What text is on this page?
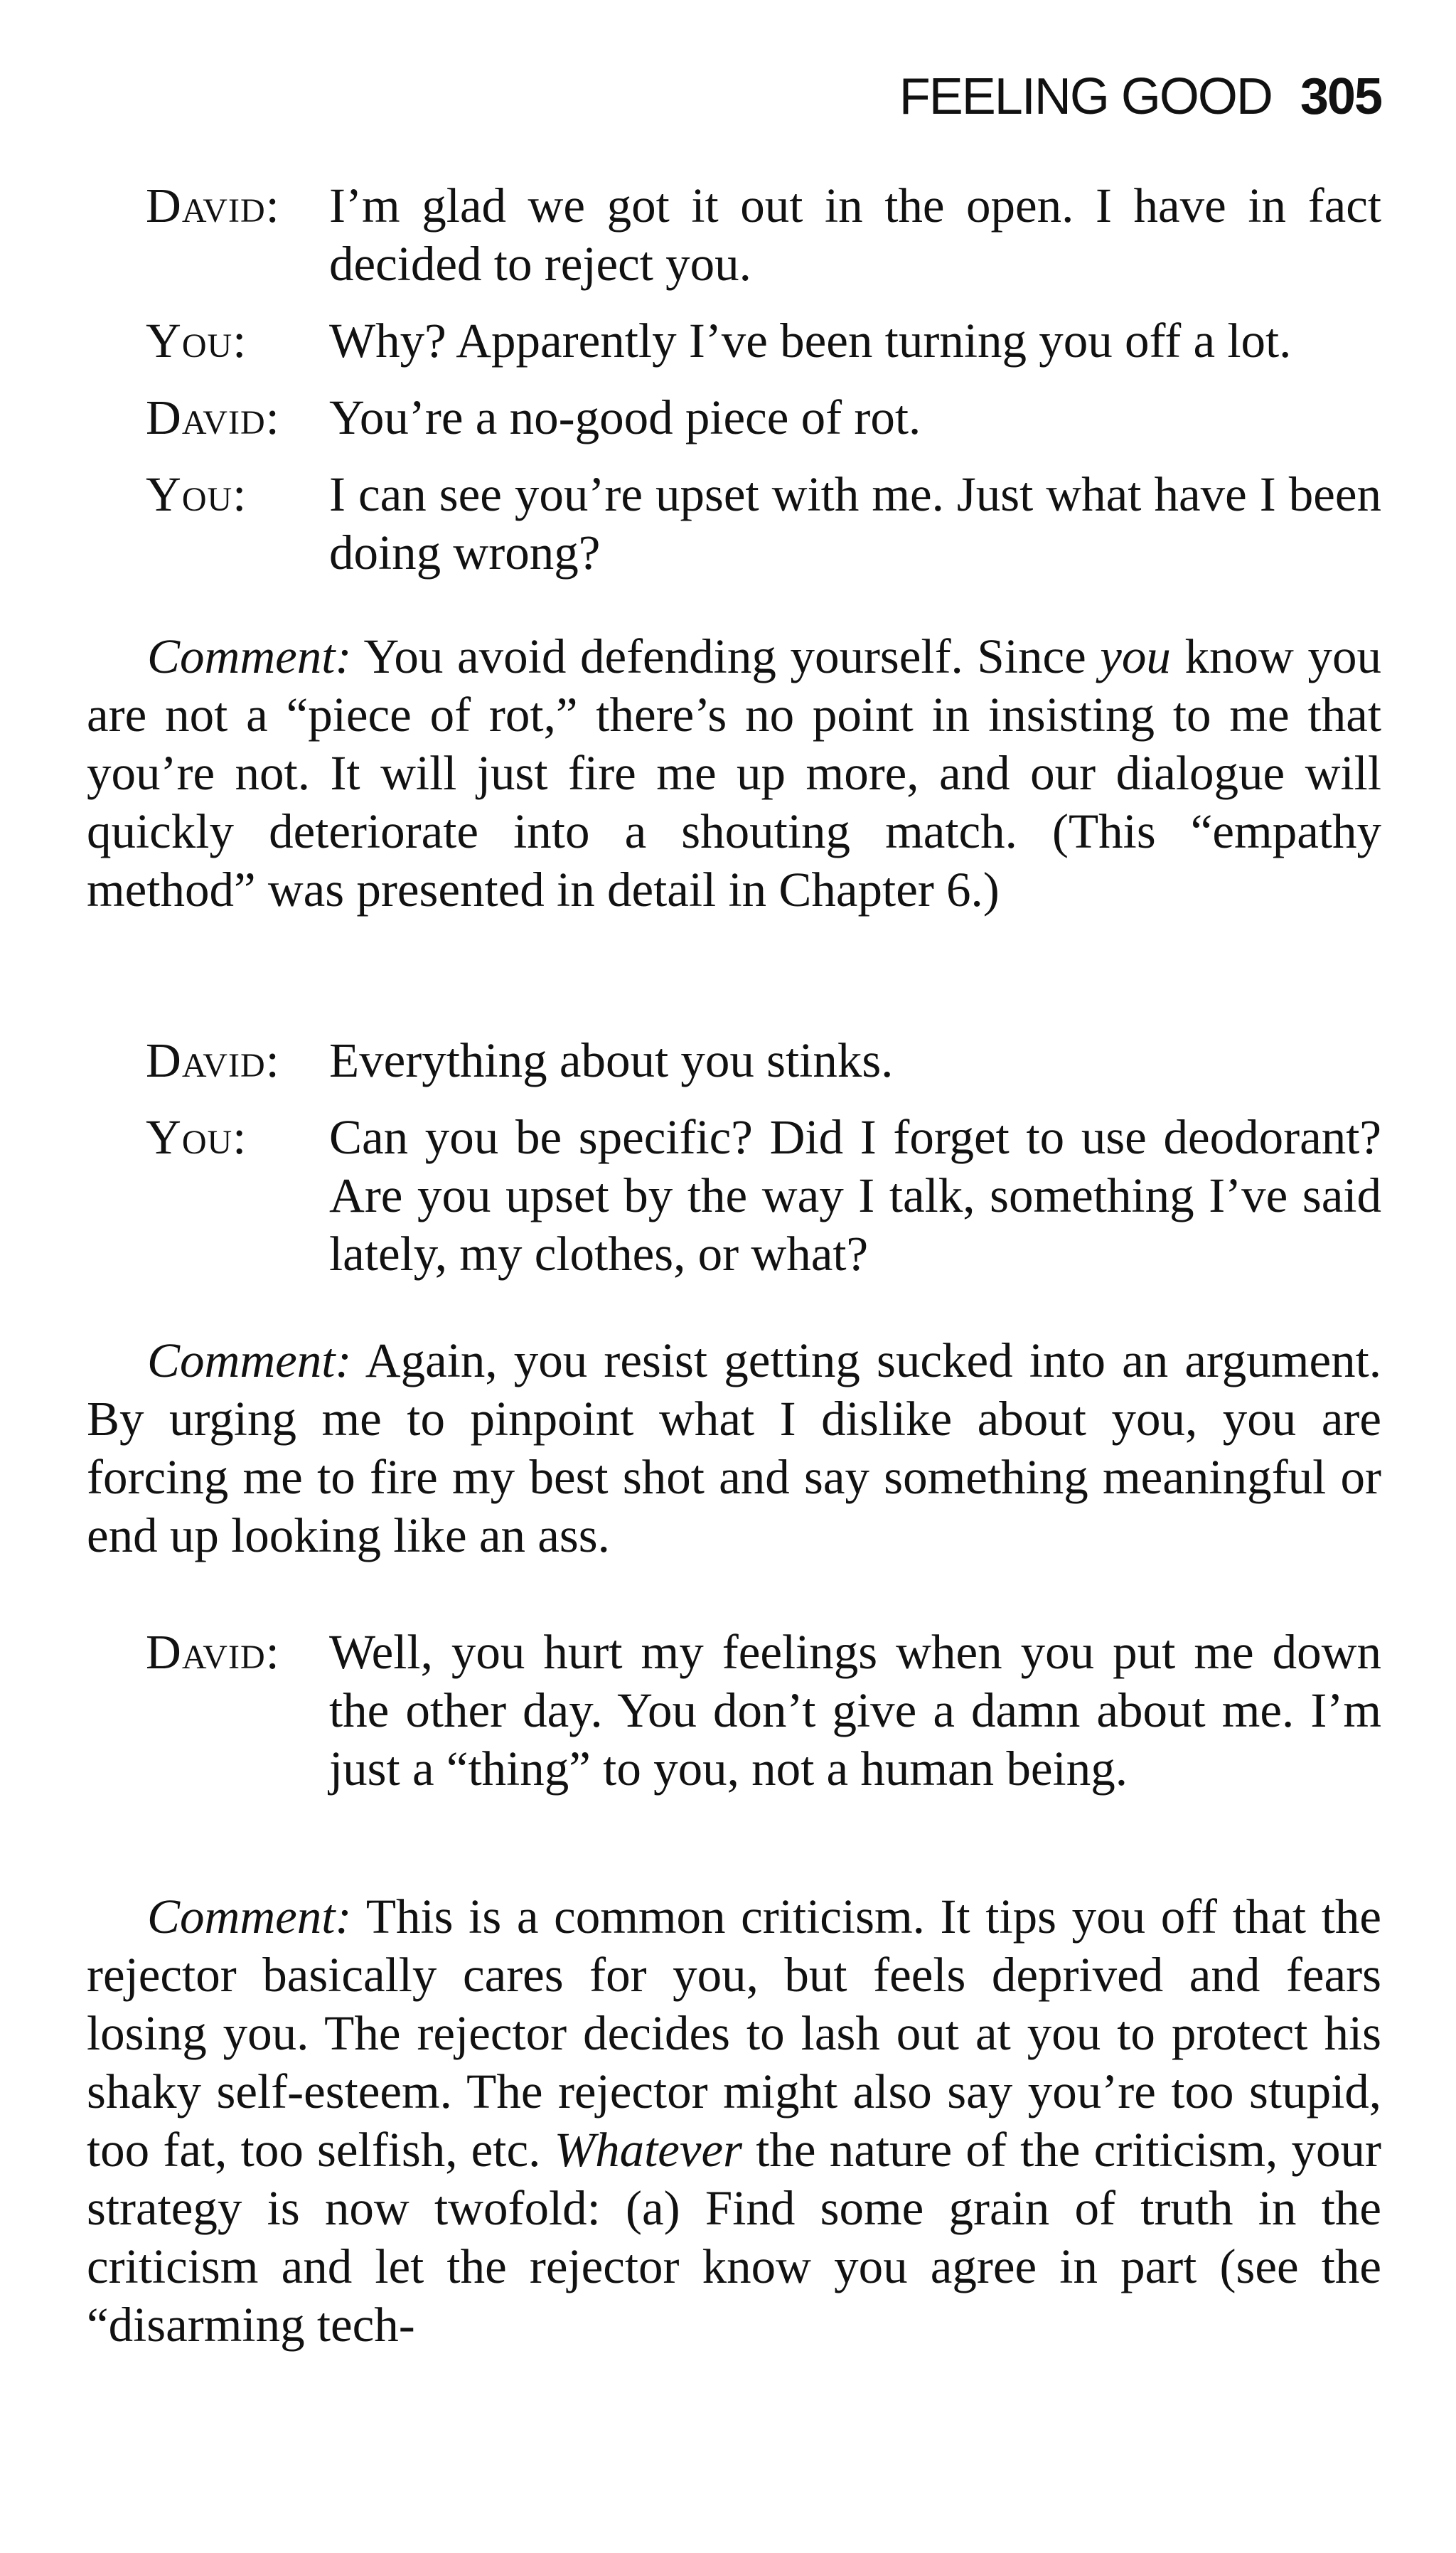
FEELING GOOD 305
David: I’m glad we got it out in the open. I have in fact decided to reject you.
You: Why? Apparently I’ve been turning you off a lot.
David: You’re a no-good piece of rot.
You: I can see you’re upset with me. Just what have I been doing wrong?

Comment: You avoid defending yourself. Since you know you are not a “piece of rot,” there’s no point in insisting to me that you’re not. It will just fire me up more, and our dialogue will quickly deteriorate into a shouting match. (This “empathy method” was presented in detail in Chapter 6.)

David: Everything about you stinks.
You: Can you be specific? Did I forget to use deodorant? Are you upset by the way I talk, something I’ve said lately, my clothes, or what?

Comment: Again, you resist getting sucked into an argument. By urging me to pinpoint what I dislike about you, you are forcing me to fire my best shot and say something meaningful or end up looking like an ass.

David: Well, you hurt my feelings when you put me down the other day. You don’t give a damn about me. I’m just a “thing” to you, not a human being.

Comment: This is a common criticism. It tips you off that the rejector basically cares for you, but feels deprived and fears losing you. The rejector decides to lash out at you to protect his shaky self-esteem. The rejector might also say you’re too stupid, too fat, too selfish, etc. Whatever the nature of the criticism, your strategy is now twofold: (a) Find some grain of truth in the criticism and let the rejector know you agree in part (see the “disarming tech-
